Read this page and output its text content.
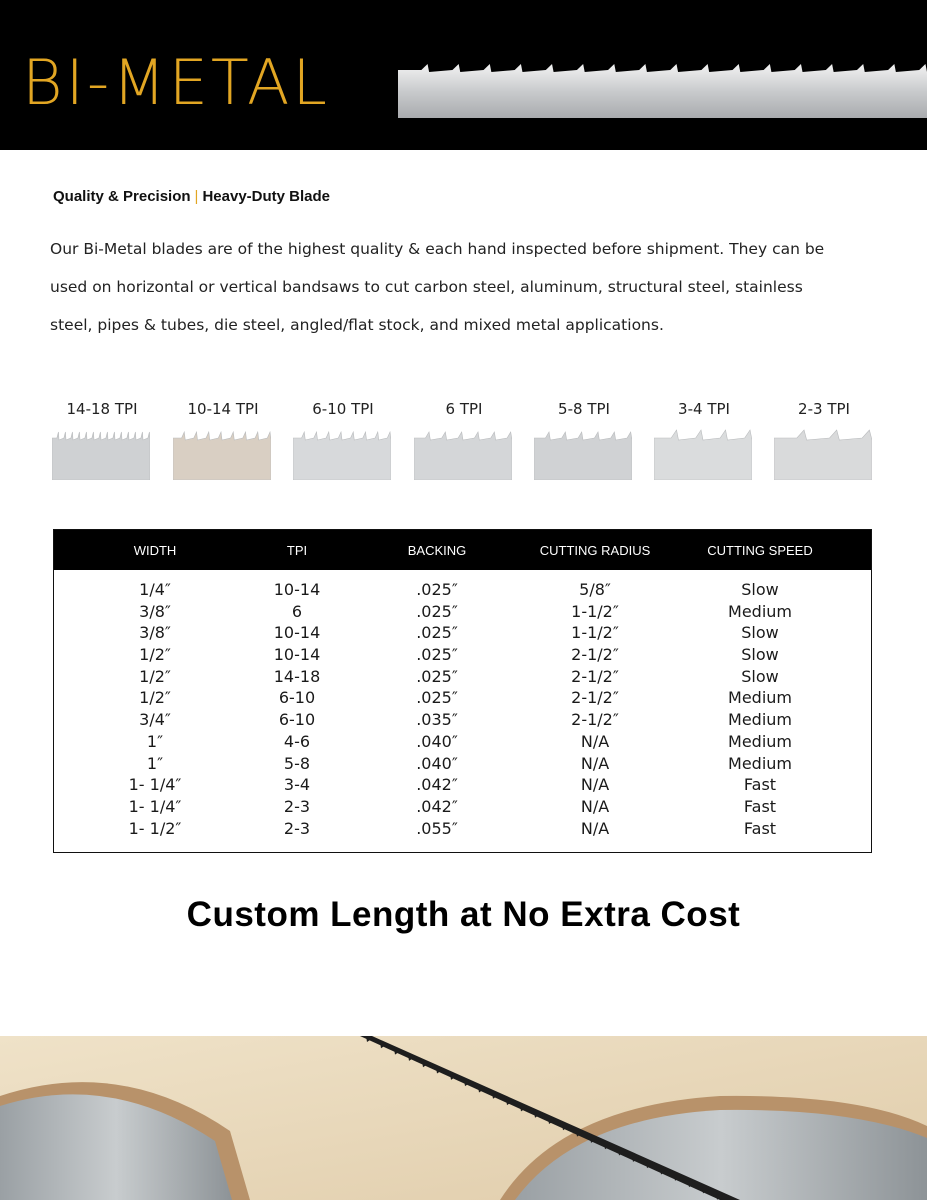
BI-METAL
Quality & Precision | Heavy-Duty Blade
Our Bi-Metal blades are of the highest quality & each hand inspected before shipment. They can be
used on horizontal or vertical bandsaws to cut carbon steel, aluminum, structural steel, stainless
steel, pipes & tubes, die steel, angled/flat stock, and mixed metal applications.
14-18 TPI	10-14 TPI	6-10 TPI	6 TPI	5-8 TPI	3-4 TPI	2-3 TPI
WIDTH	TPI	BACKING	CUTTING RADIUS	CUTTING SPEED
1/4″	10-14	.025″	5/8″	Slow
3/8″	6	.025″	1-1/2″	Medium
3/8″	10-14	.025″	1-1/2″	Slow
1/2″	10-14	.025″	2-1/2″	Slow
1/2″	14-18	.025″	2-1/2″	Slow
1/2″	6-10	.025″	2-1/2″	Medium
3/4″	6-10	.035″	2-1/2″	Medium
1″	4-6	.040″	N/A	Medium
1″	5-8	.040″	N/A	Medium
1- 1/4″	3-4	.042″	N/A	Fast
1- 1/4″	2-3	.042″	N/A	Fast
1- 1/2″	2-3	.055″	N/A	Fast
Custom Length at No Extra Cost
